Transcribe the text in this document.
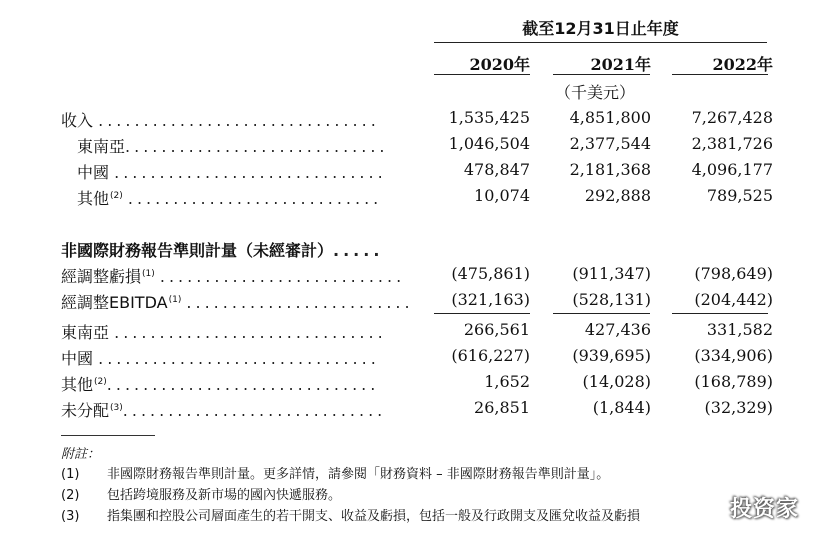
截至12月31日止年度
2020年	2021年	2022年
（千美元）
收入 ...............................	1,535,425 4,851,800	7,267,428
東南亞.............................	1,046,504 2,377,544	2,381,726
中國 ..............................	478,847 2,181,368	4,096,177
其他$^{(2)}$ ............................	10,074	292,888	789,525
非國際財務報告準則計量（未經審計）.....
經調整虧損$^{(1)}$ ...........................	(475,861)	(911,347)	(798,649)
經調整EBITDA$^{(1)}$ .........................	(321,163)	(528,131)	(204,442)
東南亞 ..............................	266,561	427,436	331,582
中國 ...............................	(616,227)	(939,695)	(334,906)
其他$^{(2)}$..............................	1,652	(14,028)	(168,789)
未分配$^{(3)}$.............................	26,851	(1,844)	(32,329)
附註：
(1) 非國際財務報告準則計量。更多詳情，請參閱「財務資料 – 非國際財務報告準則計量」。
(2) 包括跨境服務及新市場的國內快遞服務。
(3) 指集團和控股公司層面產生的若干開支、收益及虧損，包括一般及行政開支及匯兌收益及虧損	投资家
